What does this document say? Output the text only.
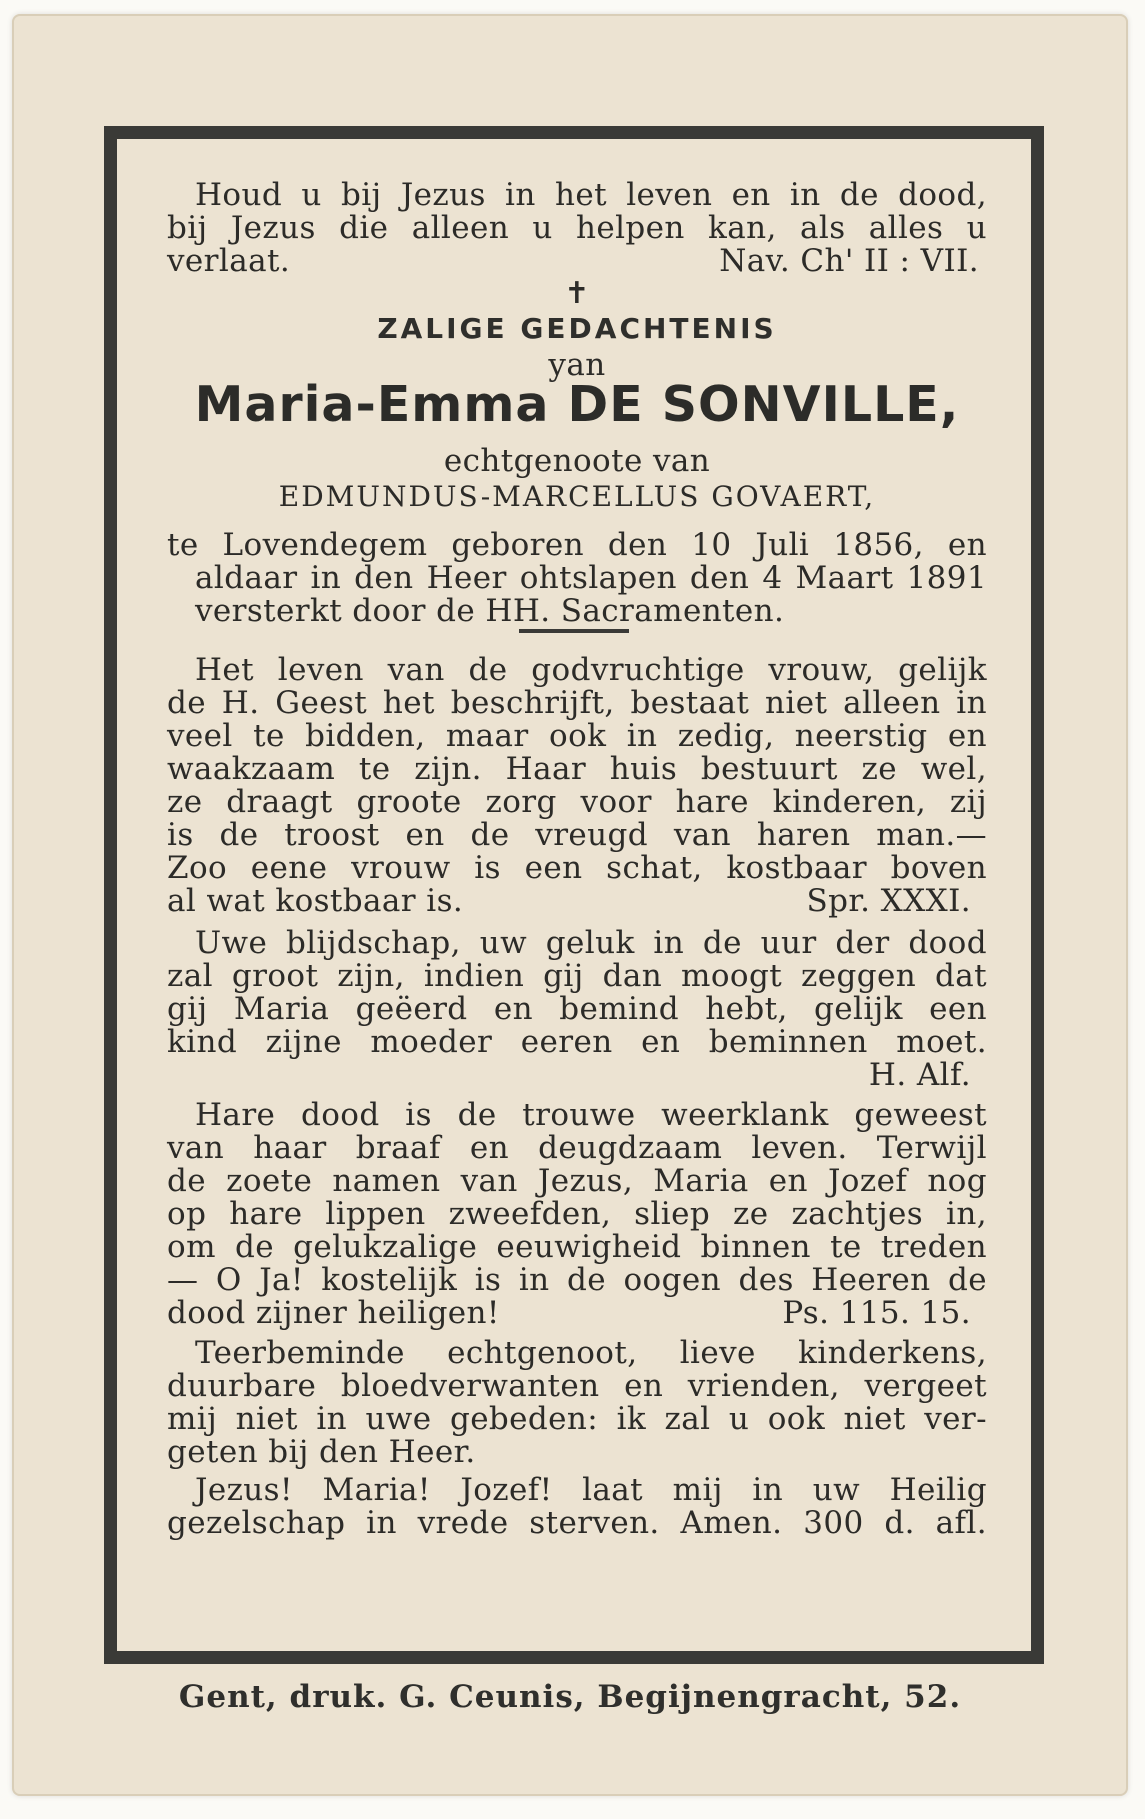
Houd u bij Jezus in het leven en in de dood,
bij Jezus die alleen u helpen kan, als alles u
verlaat.	Nav. Ch' II : VII.
✝
ZALIGE GEDACHTENIS
yan
Maria-Emma DE SONVILLE,
echtgenoote van
EDMUNDUS-MARCELLUS GOVAERT,
te Lovendegem geboren den 10 Juli 1856, en
aldaar in den Heer ohtslapen den 4 Maart 1891
versterkt door de HH. Sacramenten.
Het leven van de godvruchtige vrouw, gelijk
de H. Geest het beschrijft, bestaat niet alleen in
veel te bidden, maar ook in zedig, neerstig en
waakzaam te zijn. Haar huis bestuurt ze wel,
ze draagt groote zorg voor hare kinderen, zij
is de troost en de vreugd van haren man.—
Zoo eene vrouw is een schat, kostbaar boven
al wat kostbaar is.	Spr. XXXI.
Uwe blijdschap, uw geluk in de uur der dood
zal groot zijn, indien gij dan moogt zeggen dat
gij Maria geëerd en bemind hebt, gelijk een
kind zijne moeder eeren en beminnen moet.
H. Alf.
Hare dood is de trouwe weerklank geweest
van haar braaf en deugdzaam leven. Terwijl
de zoete namen van Jezus, Maria en Jozef nog
op hare lippen zweefden, sliep ze zachtjes in,
om de gelukzalige eeuwigheid binnen te treden
— O Ja! kostelijk is in de oogen des Heeren de
dood zijner heiligen!	Ps. 115. 15.
Teerbeminde echtgenoot, lieve kinderkens,
duurbare bloedverwanten en vrienden, vergeet
mij niet in uwe gebeden: ik zal u ook niet ver-
geten bij den Heer.
Jezus! Maria! Jozef! laat mij in uw Heilig
gezelschap in vrede sterven. Amen. 300 d. afl.
Gent, druk. G. Ceunis, Begijnengracht, 52.
